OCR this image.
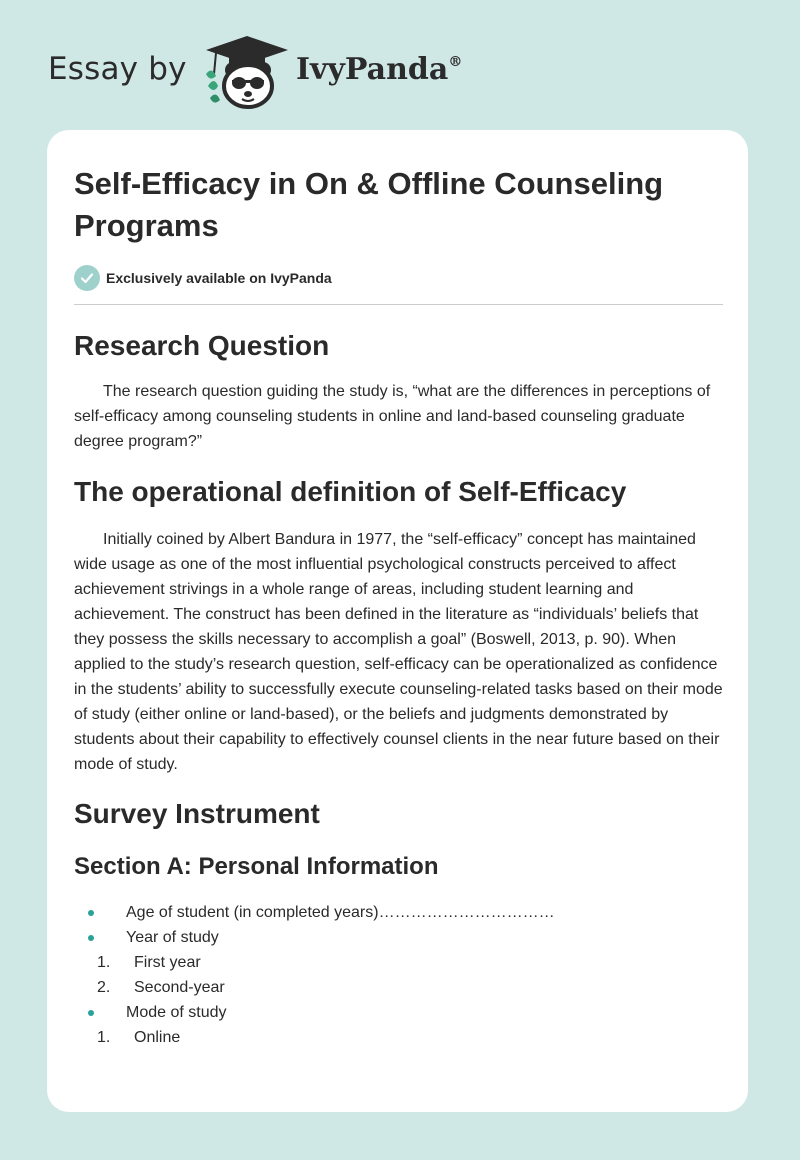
Essay by	IvyPanda®
Self-Efficacy in On & Offline Counseling Programs
Exclusively available on IvyPanda
Research Question

The research question guiding the study is, “what are the differences in perceptions of self-efficacy among counseling students in online and land-based counseling graduate degree program?”

The operational definition of Self-Efficacy

Initially coined by Albert Bandura in 1977, the “self-efficacy” concept has maintained wide usage as one of the most influential psychological constructs perceived to affect achievement strivings in a whole range of areas, including student learning and achievement. The construct has been defined in the literature as “individuals’ beliefs that they possess the skills necessary to accomplish a goal” (Boswell, 2013, p. 90). When applied to the study’s research question, self-efficacy can be operationalized as confidence in the students’ ability to successfully execute counseling-related tasks based on their mode of study (either online or land-based), or the beliefs and judgments demonstrated by students about their capability to effectively counsel clients in the near future based on their mode of study.

Survey Instrument
Section A: Personal Information
Age of student (in completed years)……………………………
Year of study
1. First year
2. Second-year
Mode of study
1. Online
